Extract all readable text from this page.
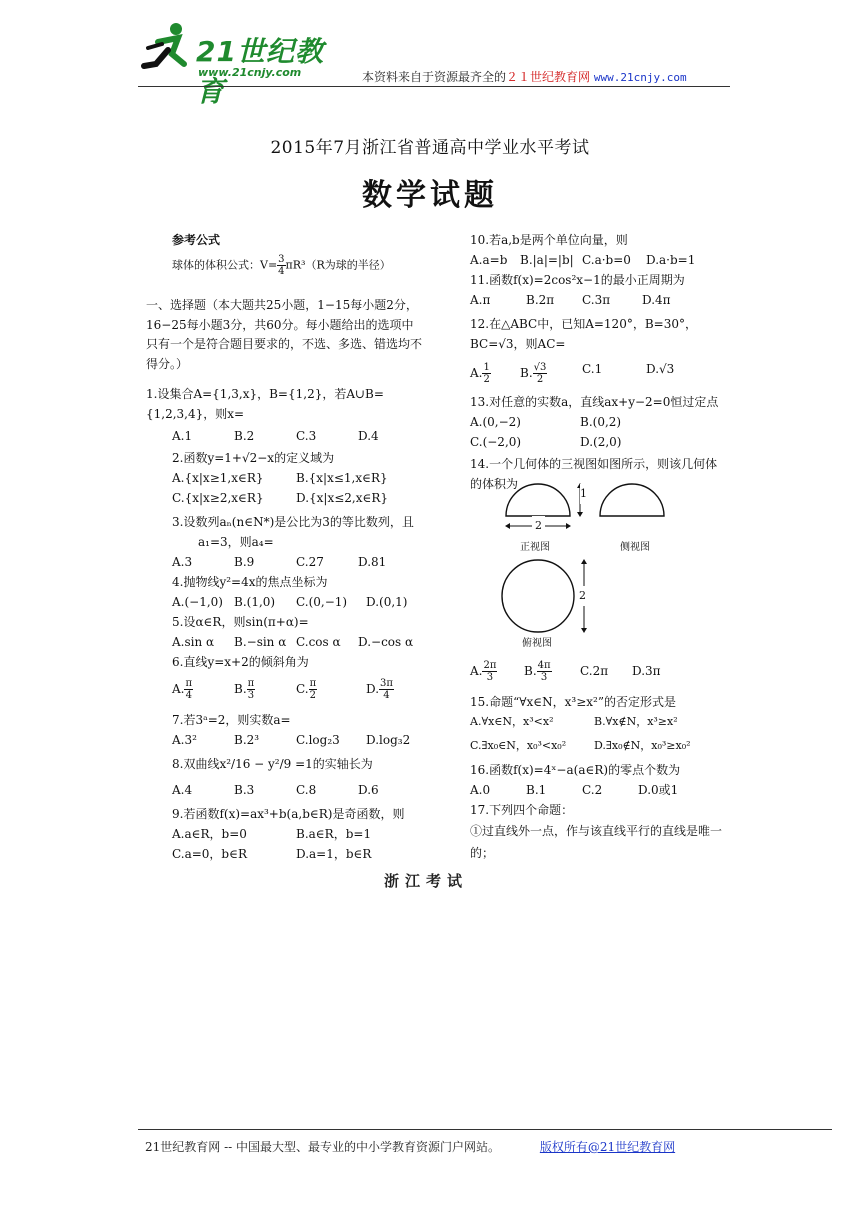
21世纪教育
www.21cnjy.com	本资料来自于资源最齐全的２１世纪教育网 www.21cnjy.com
2015年7月浙江省普通高中学业水平考试
数学试题
参考公式
球体的体积公式：$V= \frac{3}{4} \pi R^3(R$为球的半径）
一、选择题（本大题共25小题，1−15每小题2分，16−25每小题3分，共60分。每小题给出的选项中只有一个是符合题目要求的，不选、多选、错选均不得分。）
1.设集合A={1,3,x}，B={1,2}，若A∪B={1,2,3,4}，则x=
A.1	B.2	C.3	D.4
2.函数y=1+√2−x的定义域为
A.{x|x≥1,x∈R}	B.{x|x≤1,x∈R}
C.{x|x≥2,x∈R}	D.{x|x≤2,x∈R}
3.设数列aₙ(n∈N*)是公比为3的等比数列，且a₁=3，则a₄=
A.3	B.9	C.27	D.81
4.抛物线y²=4x的焦点坐标为
A.(−1,0) B.(1,0)	C.(0,−1)	D.(0,1)
5.设α∈R，则sin(π+α)=
A.sin α	B.−sin α C.cos α	D.−cos α
6.直线y=x+2的倾斜角为
A. $\frac{\pi}{4}$	B. $\frac{\pi}{3}$	C. $\frac{\pi}{2}$	D. $\frac{3\pi}{4}$
7.若3ᵃ=2，则实数a=
A.3²	B.2³	C.log₂3	D.log₃2
8.双曲线x²/16 − y²/9 =1的实轴长为
A.4	B.3	C.8	D.6
9.若函数f(x)=ax³+b(a,b∈R)是奇函数，则
A.a∈R，b=0	B.a∈R，b=1
C.a=0，b∈R	D.a=1，b∈R
10.若a,b是两个单位向量，则
A.a=b	B.|a|=|b| C.a·b=0	D.a·b=1
11.函数f(x)=2cos²x−1的最小正周期为
A.π	B.2π	C.3π	D.4π
12.在△ABC中，已知A=120°，B=30°，BC=√3，则AC=
A. $\frac{1}{2} B$. $\frac{√3}{2}$	C.1	D.√3
13.对任意的实数a，直线ax+y−2=0恒过定点
A.(0,−2)	B.(0,2)
C.(−2,0)	D.(2,0)
14.一个几何体的三视图如图所示，则该几何体的体积为
1
2
2
正视图	侧视图
俯视图
A. $\frac{2\pi}{3} B$. $\frac{4\pi}{3} C.2\pi$	D.3π
15.命题“∀x∈N，x³≥x²”的否定形式是
A.∀x∈N，x³<x²	B.∀x∉N，x³≥x²
C.∃x₀∈N，x₀³<x₀²	D.∃x₀∉N，x₀³≥x₀²
16.函数f(x)=4ˣ−a(a∈R)的零点个数为
A.0	B.1	C.2	D.0或1
17.下列四个命题：
①过直线外一点，作与该直线平行的直线是唯一的；
浙江考试
21世纪教育网 -- 中国最大型、最专业的中小学教育资源门户网站。	版权所有@21世纪教育网
